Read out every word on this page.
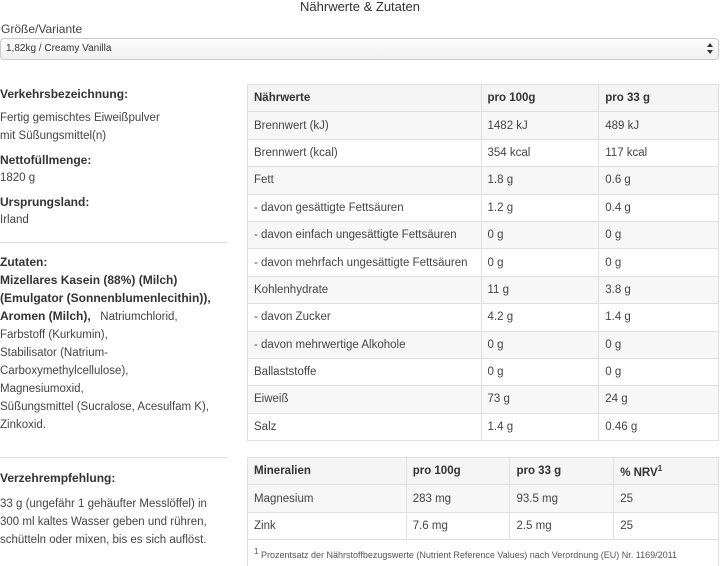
Nährwerte & Zutaten
Größe/Variante
1,82kg / Creamy Vanilla
Verkehrsbezeichnung:
Fertig gemischtes Eiweißpulver
mit Süßungsmittel(n)
Nettofüllmenge:
1820 g
Ursprungsland:
Irland
Zutaten:
Mizellares Kasein (88%) (Milch)
(Emulgator (Sonnenblumenlecithin)),
Aromen (Milch), Natriumchlorid,
Farbstoff (Kurkumin),
Stabilisator (Natrium-
Carboxymethylcellulose),
Magnesiumoxid,
Süßungsmittel (Sucralose, Acesulfam K),
Zinkoxid.
Verzehrempfehlung:
33 g (ungefähr 1 gehäufter Messlöffel) in
300 ml kaltes Wasser geben und rühren,
schütteln oder mixen, bis es sich auflöst.
Nährwerte	pro 100g	pro 33 g
Brennwert (kJ)	1482 kJ	489 kJ
Brennwert (kcal)	354 kcal	117 kcal
Fett	1.8 g	0.6 g
- davon gesättigte Fettsäuren	1.2 g	0.4 g
- davon einfach ungesättigte Fettsäuren	0 g	0 g
- davon mehrfach ungesättigte Fettsäuren	0 g	0 g
Kohlenhydrate	11 g	3.8 g
- davon Zucker	4.2 g	1.4 g
- davon mehrwertige Alkohole	0 g	0 g
Ballaststoffe	0 g	0 g
Eiweiß	73 g	24 g
Salz	1.4 g	0.46 g
Mineralien	pro 100g	pro 33 g	% NRV$^1$
Magnesium	283 mg	93.5 mg	25
Zink	7.6 mg	2.5 mg	25
$^1$ Prozentsatz der Nährstoffbezugswerte (Nutrient Reference Values) nach Verordnung (EU) Nr. 1169/2011			
